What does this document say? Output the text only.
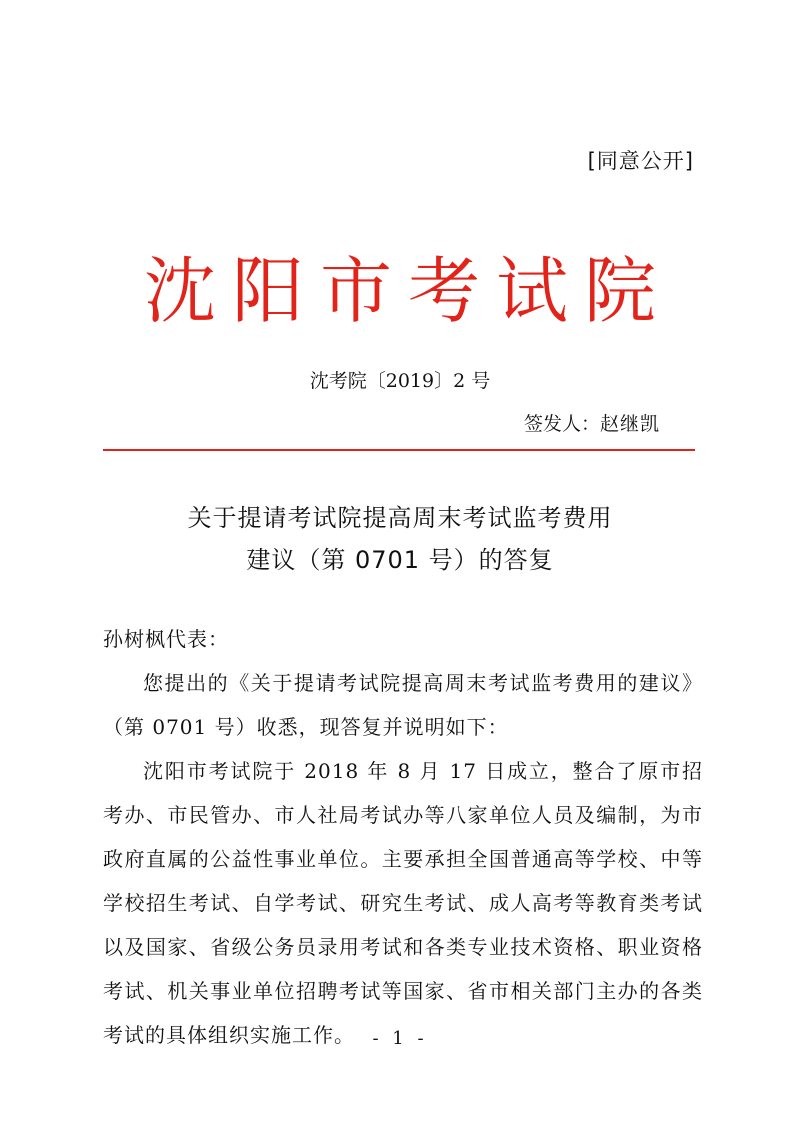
[同意公开]
沈阳市考试院
沈考院〔2019〕2 号
签发人：赵继凯
关于提请考试院提高周末考试监考费用
建议（第 0701 号）的答复

孙树枫代表：

您提出的《关于提请考试院提高周末考试监考费用的建议》（第 0701 号）收悉，现答复并说明如下：

沈阳市考试院于 2018 年 8 月 17 日成立，整合了原市招考办、市民管办、市人社局考试办等八家单位人员及编制，为市政府直属的公益性事业单位。主要承担全国普通高等学校、中等学校招生考试、自学考试、研究生考试、成人高考等教育类考试以及国家、省级公务员录用考试和各类专业技术资格、职业资格考试、机关事业单位招聘考试等国家、省市相关部门主办的各类考试的具体组织实施工作。 - 1 -
